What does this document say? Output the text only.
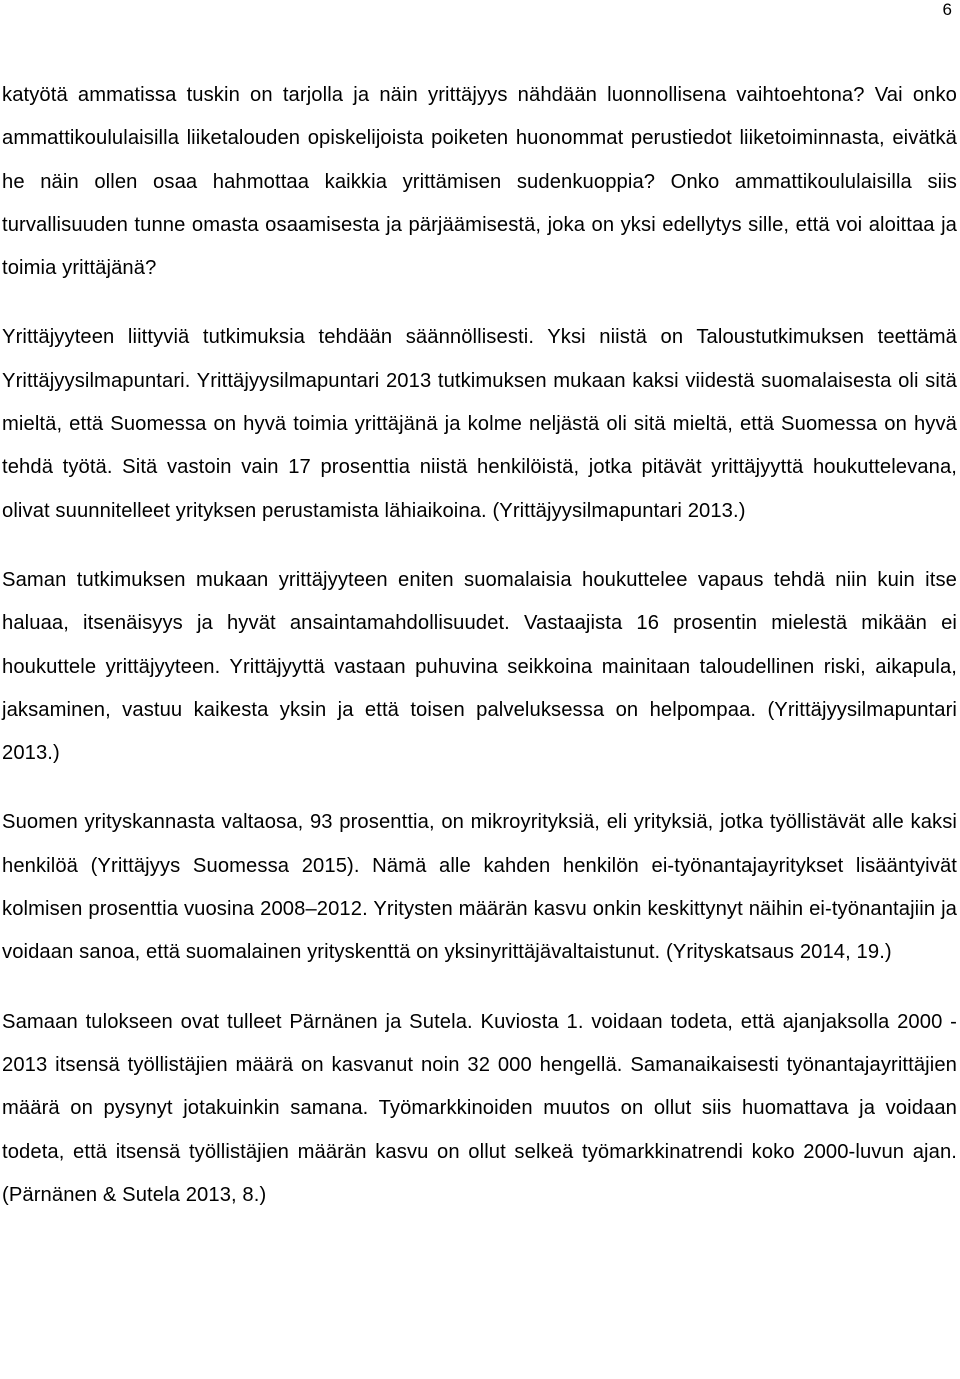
6

katyötä ammatissa tuskin on tarjolla ja näin yrittäjyys nähdään luonnollisena vaihtoehtona? Vai onko ammattikoululaisilla liiketalouden opiskelijoista poiketen huonommat perustiedot liiketoiminnasta, eivätkä he näin ollen osaa hahmottaa kaikkia yrittämisen sudenkuoppia? Onko ammattikoululaisilla siis turvallisuuden tunne omasta osaamisesta ja pärjäämisestä, joka on yksi edellytys sille, että voi aloittaa ja toimia yrittäjänä?

Yrittäjyyteen liittyviä tutkimuksia tehdään säännöllisesti. Yksi niistä on Taloustutkimuksen teettämä Yrittäjyysilmapuntari. Yrittäjyysilmapuntari 2013 tutkimuksen mukaan kaksi viidestä suomalaisesta oli sitä mieltä, että Suomessa on hyvä toimia yrittäjänä ja kolme neljästä oli sitä mieltä, että Suomessa on hyvä tehdä työtä. Sitä vastoin vain 17 prosenttia niistä henkilöistä, jotka pitävät yrittäjyyttä houkuttelevana, olivat suunnitelleet yrityksen perustamista lähiaikoina. (Yrittäjyysilmapuntari 2013.)

Saman tutkimuksen mukaan yrittäjyyteen eniten suomalaisia houkuttelee vapaus tehdä niin kuin itse haluaa, itsenäisyys ja hyvät ansaintamahdollisuudet. Vastaajista 16 prosentin mielestä mikään ei houkuttele yrittäjyyteen. Yrittäjyyttä vastaan puhuvina seikkoina mainitaan taloudellinen riski, aikapula, jaksaminen, vastuu kaikesta yksin ja että toisen palveluksessa on helpompaa. (Yrittäjyysilmapuntari 2013.)

Suomen yrityskannasta valtaosa, 93 prosenttia, on mikroyrityksiä, eli yrityksiä, jotka työllistävät alle kaksi henkilöä (Yrittäjyys Suomessa 2015). Nämä alle kahden henkilön ei-työnantajayritykset lisääntyivät kolmisen prosenttia vuosina 2008–2012. Yritysten määrän kasvu onkin keskittynyt näihin ei-työnantajiin ja voidaan sanoa, että suomalainen yrityskenttä on yksinyrittäjävaltaistunut. (Yrityskatsaus 2014, 19.)

Samaan tulokseen ovat tulleet Pärnänen ja Sutela. Kuviosta 1. voidaan todeta, että ajanjaksolla 2000 - 2013 itsensä työllistäjien määrä on kasvanut noin 32 000 hengellä. Samanaikaisesti työnantajayrittäjien määrä on pysynyt jotakuinkin samana. Työmarkkinoiden muutos on ollut siis huomattava ja voidaan todeta, että itsensä työllistäjien määrän kasvu on ollut selkeä työmarkkinatrendi koko 2000-luvun ajan. (Pärnänen & Sutela 2013, 8.)
